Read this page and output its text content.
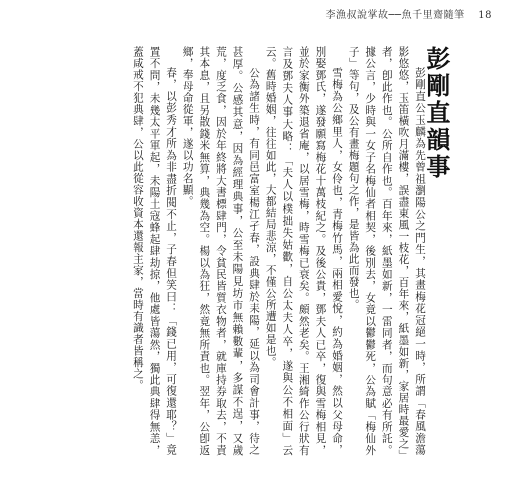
李漁叔說掌故──魚千里齋隨筆 18
彭剛直韻事

彭剛直公玉麟為先曾祖瀏陽公之門生，其畫梅花冠絕一時，所謂「春風澹蕩影悠悠，玉笛橫吹月滿樓，誤盡東風一枝花，百年來，紙墨如新，家居時最愛之」者，卽此作也。公所自作也。百年來，紙墨如新，一雷同者，而句意必有所託。據公言，少時與一女子名梅仙者相契，後別去，女竟以鬱鬱死，公為賦「梅仙外子」等句，及公有畫梅題句之作，是皆為此而發也。

雪梅為公鄉里人，女伶也，青梅竹馬，兩相愛悅，約為婚姻，然以父母命，別娶鄧氏，遂發願寫梅花十萬枝紀之。及後公貴，鄧夫人已卒，復與雪梅相見，並於家衡外築退省庵，以居雪梅，時雪梅已衰矣。頗然老矣。王湘綺作公行狀有言及鄧夫人事大略：「夫人以樸拙失姑歡，自公太夫人卒，遂與公不相面」云云。舊時婚姻，往往如此，大都結局悲涼，不僅公所遭如是也。

公為諸生時，有同邑富室楊江孑春，設典肆於耒陽，延以為司會計事，待之甚厚。公感其意，因為經理典事，公至未陽見坊市無賴數輩，多謀不逞，又歲荒，度乏食，因於年終將大書標肆門，令貧民皆質衣物者，就庫持券取去，不責其本息，且另散錢米無算，典幾為空。楊以為狂，然竟無所責也。翌年，公卽返鄉，奉母命從軍，遂以功名顯。

春，以彭秀才所為非盡折閱不止，子春但笑曰：「錢已用，可復還耶？」竟置不問，未幾太平軍起，未陽土寇蜂起肆劫掠，他處皆蕩然，獨此典肆得無恙，蓋咸戒不犯典肆，公以此從容收資本還報主家，當時有識者皆稱之。
